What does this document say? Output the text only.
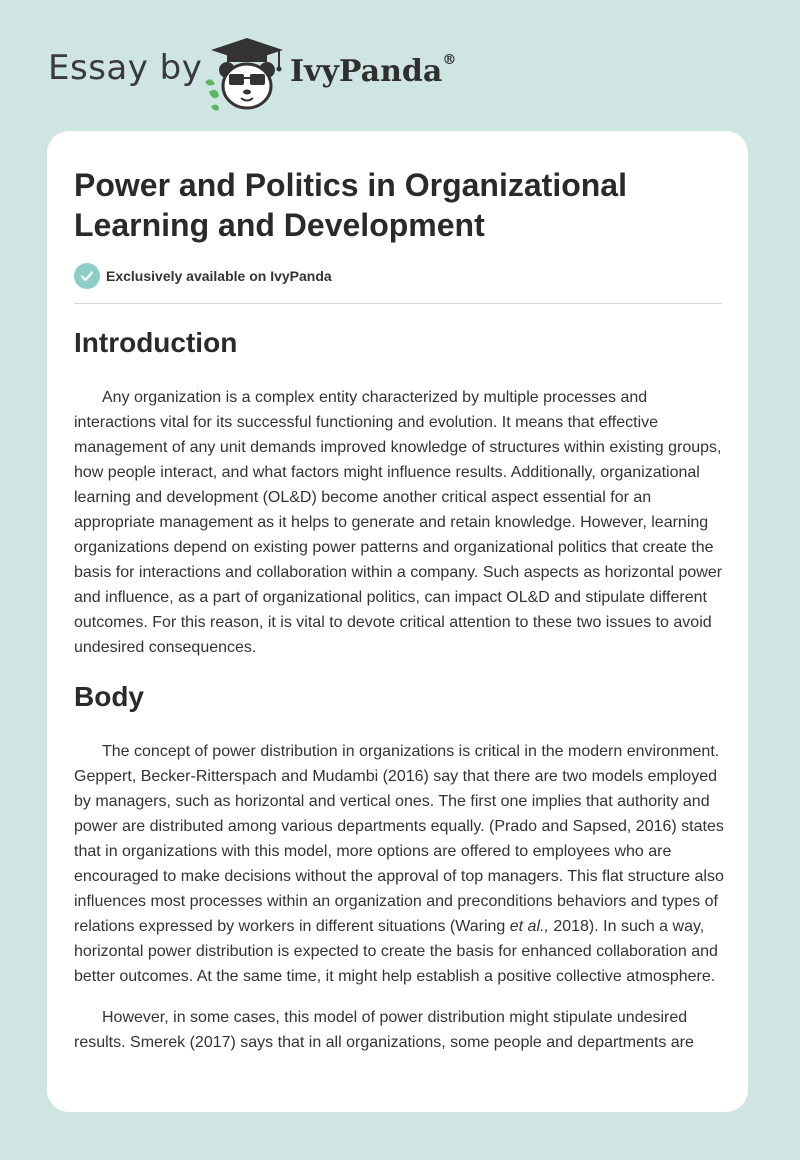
Essay by	IvyPanda®
Power and Politics in Organizational Learning and Development
Exclusively available on IvyPanda
Introduction

Any organization is a complex entity characterized by multiple processes and interactions vital for its successful functioning and evolution. It means that effective management of any unit demands improved knowledge of structures within existing groups, how people interact, and what factors might influence results. Additionally, organizational learning and development (OL&D) become another critical aspect essential for an appropriate management as it helps to generate and retain knowledge. However, learning organizations depend on existing power patterns and organizational politics that create the basis for interactions and collaboration within a company. Such aspects as horizontal power and influence, as a part of organizational politics, can impact OL&D and stipulate different outcomes. For this reason, it is vital to devote critical attention to these two issues to avoid undesired consequences.

Body

The concept of power distribution in organizations is critical in the modern environment. Geppert, Becker-Ritterspach and Mudambi (2016) say that there are two models employed by managers, such as horizontal and vertical ones. The first one implies that authority and power are distributed among various departments equally. (Prado and Sapsed, 2016) states that in organizations with this model, more options are offered to employees who are encouraged to make decisions without the approval of top managers. This flat structure also influences most processes within an organization and preconditions behaviors and types of relations expressed by workers in different situations (Waring et al., 2018). In such a way, horizontal power distribution is expected to create the basis for enhanced collaboration and better outcomes. At the same time, it might help establish a positive collective atmosphere.

However, in some cases, this model of power distribution might stipulate undesired results. Smerek (2017) says that in all organizations, some people and departments are
